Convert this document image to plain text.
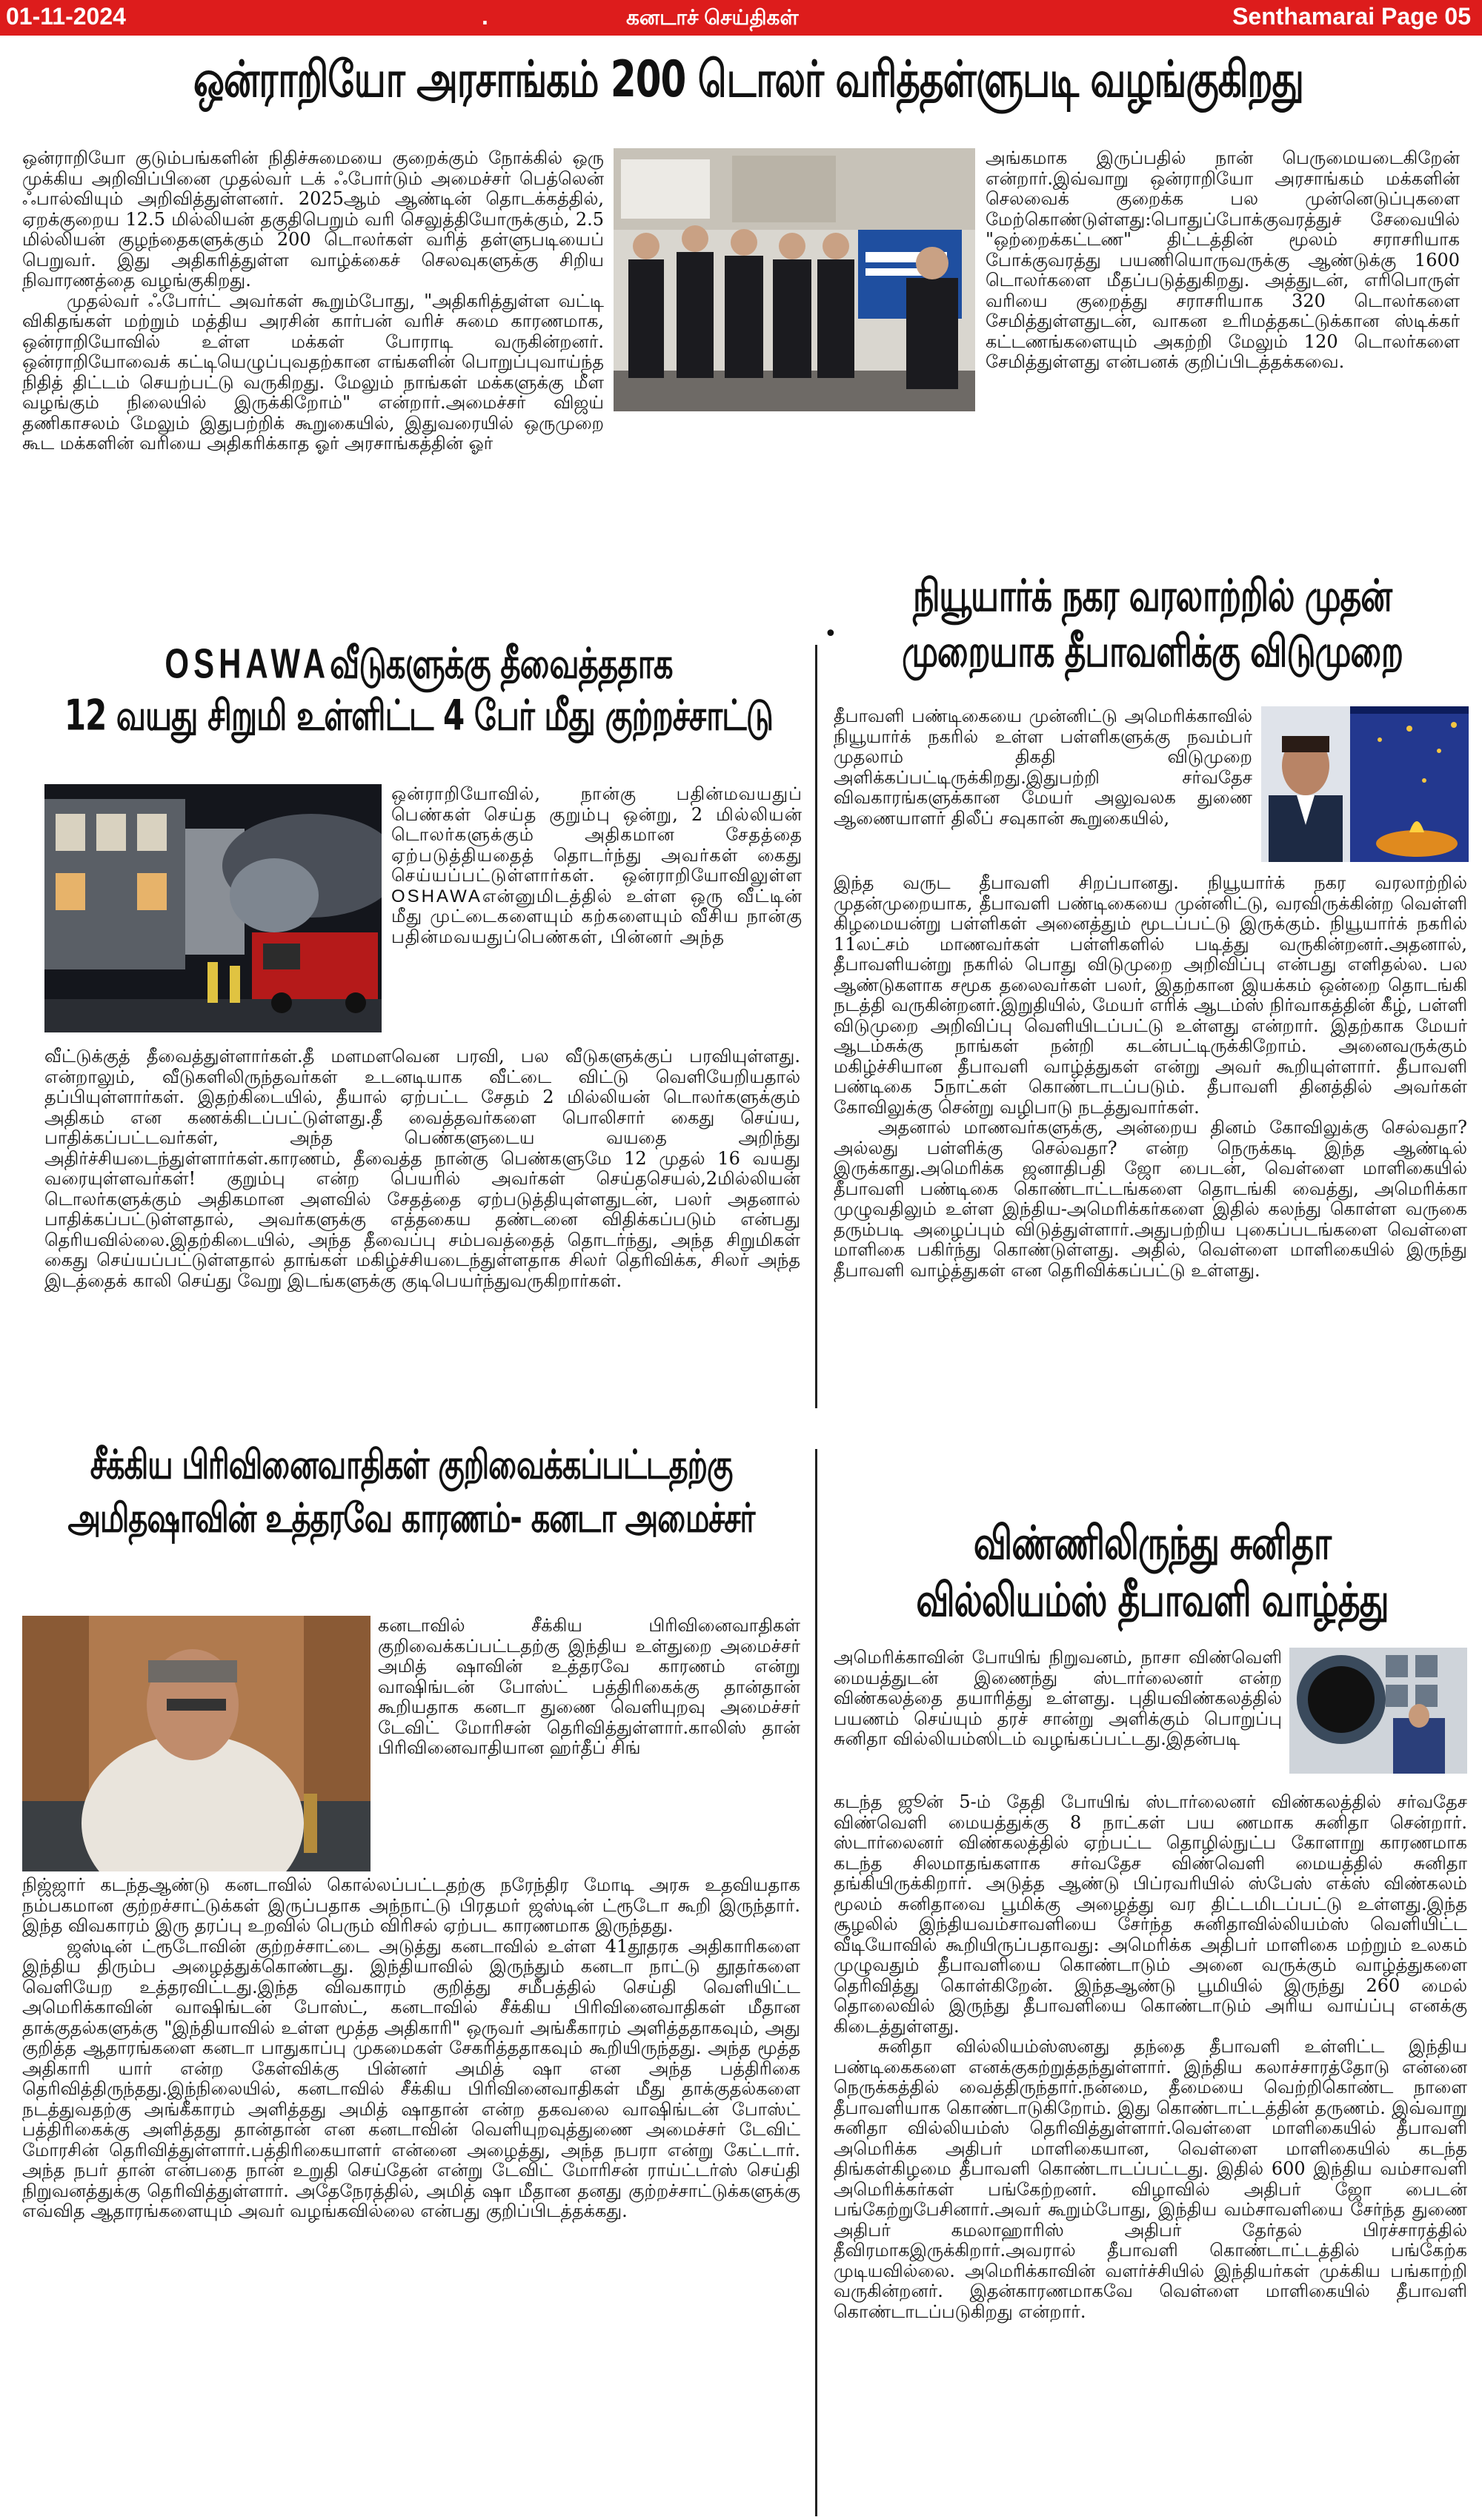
01-11-2024	.	கனடாச் செய்திகள்	Senthamarai Page 05
ஒன்ராறியோ அரசாங்கம் 200 டொலர் வரித்தள்ளுபடி வழங்குகிறது

ஒன்ராறியோ குடும்பங்களின் நிதிச்சுமையை குறைக்கும் நோக்கில் ஒரு முக்கிய அறிவிப்பினை முதல்வர் டக் ஃபோர்டும் அமைச்சர் பெத்லென் ஃபால்வியும் அறிவித்துள்ளனர். 2025ஆம் ஆண்டின் தொடக்கத்தில், ஏறக்குறைய 12.5 மில்லியன் தகுதிபெறும் வரி செலுத்தியோருக்கும், 2.5 மில்லியன் குழந்தைகளுக்கும் 200 டொலர்கள் வரித் தள்ளுபடியைப் பெறுவர். இது அதிகரித்துள்ள வாழ்க்கைச் செலவுகளுக்கு சிறிய நிவாரணத்தை வழங்குகிறது.

முதல்வர் ஃபோர்ட் அவர்கள் கூறும்போது, "அதிகரித்துள்ள வட்டி விகிதங்கள் மற்றும் மத்திய அரசின் கார்பன் வரிச் சுமை காரணமாக, ஒன்ராறியோவில் உள்ள மக்கள் போராடி வருகின்றனர். ஒன்ராறியோவைக் கட்டியெழுப்புவதற்கான எங்களின் பொறுப்புவாய்ந்த நிதித் திட்டம் செயற்பட்டு வருகிறது. மேலும் நாங்கள் மக்களுக்கு மீள வழங்கும் நிலையில் இருக்கிறோம்" என்றார்.அமைச்சர் விஜய் தணிகாசலம் மேலும் இதுபற்றிக் கூறுகையில், இதுவரையில் ஒருமுறை கூட மக்களின் வரியை அதிகரிக்காத ஓர் அரசாங்கத்தின் ஓர்

அங்கமாக இருப்பதில் நான் பெருமையடைகிறேன் என்றார்.இவ்வாறு ஒன்ராறியோ அரசாங்கம் மக்களின் செலவைக் குறைக்க பல முன்னெடுப்புகளை மேற்கொண்டுள்ளது:பொதுப்போக்குவரத்துச் சேவையில் "ஒற்றைக்கட்டண" திட்டத்தின் மூலம் சராசரியாக போக்குவரத்து பயணியொருவருக்கு ஆண்டுக்கு 1600 டொலர்களை மீதப்படுத்துகிறது. அத்துடன், எரிபொருள் வரியை குறைத்து சராசரியாக 320 டொலர்களை சேமித்துள்ளதுடன், வாகன உரிமத்தகட்டுக்கான ஸ்டிக்கர் கட்டணங்களையும் அகற்றி மேலும் 120 டொலர்களை சேமித்துள்ளது என்பனக் குறிப்பிடத்தக்கவை.

OSHAWAவீடுகளுக்கு தீவைத்ததாக
12 வயது சிறுமி உள்ளிட்ட 4 பேர் மீது குற்றச்சாட்டு

ஒன்ராறியோவில், நான்கு பதின்மவயதுப் பெண்கள் செய்த குறும்பு ஒன்று, 2 மில்லியன் டொலர்களுக்கும் அதிகமான சேதத்தை ஏற்படுத்தியதைத் தொடர்ந்து அவர்கள் கைது செய்யப்பட்டுள்ளார்கள். ஒன்ராறியோவிலுள்ள OSHAWAஎன்னுமிடத்தில் உள்ள ஒரு வீட்டின் மீது முட்டைகளையும் கற்களையும் வீசிய நான்கு பதின்மவயதுப்பெண்கள், பின்னர் அந்த

வீட்டுக்குத் தீவைத்துள்ளார்கள்.தீ மளமளவென பரவி, பல வீடுகளுக்குப் பரவியுள்ளது. என்றாலும், வீடுகளிலிருந்தவர்கள் உடனடியாக வீட்டை விட்டு வெளியேறியதால் தப்பியுள்ளார்கள். இதற்கிடையில், தீயால் ஏற்பட்ட சேதம் 2 மில்லியன் டொலர்களுக்கும் அதிகம் என கணக்கிடப்பட்டுள்ளது.தீ வைத்தவர்களை பொலிசார் கைது செய்ய, பாதிக்கப்பட்டவர்கள், அந்த பெண்களுடைய வயதை அறிந்து அதிர்ச்சியடைந்துள்ளார்கள்.காரணம், தீவைத்த நான்கு பெண்களுமே 12 முதல் 16 வயது வரையுள்ளவர்கள்! குறும்பு என்ற பெயரில் அவர்கள் செய்தசெயல்,2மில்லியன் டொலர்களுக்கும் அதிகமான அளவில் சேதத்தை ஏற்படுத்தியுள்ளதுடன், பலர் அதனால் பாதிக்கப்பட்டுள்ளதால், அவர்களுக்கு எத்தகைய தண்டனை விதிக்கப்படும் என்பது தெரியவில்லை.இதற்கிடையில், அந்த தீவைப்பு சம்பவத்தைத் தொடர்ந்து, அந்த சிறுமிகள் கைது செய்யப்பட்டுள்ளதால் தாங்கள் மகிழ்ச்சியடைந்துள்ளதாக சிலர் தெரிவிக்க, சிலர் அந்த இடத்தைக் காலி செய்து வேறு இடங்களுக்கு குடிபெயர்ந்துவருகிறார்கள்.

நியூயார்க் நகர வரலாற்றில் முதன்
முறையாக தீபாவளிக்கு விடுமுறை
•

தீபாவளி பண்டிகையை முன்னிட்டு அமெரிக்காவில் நியூயார்க் நகரில் உள்ள பள்ளிகளுக்கு நவம்பர் முதலாம் திகதி விடுமுறை அளிக்கப்பட்டிருக்கிறது.இதுபற்றி சர்வதேச விவகாரங்களுக்கான மேயர் அலுவலக துணை ஆணையாளர் திலீப் சவுகான் கூறுகையில்,

இந்த வருட தீபாவளி சிறப்பானது. நியூயார்க் நகர வரலாற்றில் முதன்முறையாக, தீபாவளி பண்டிகையை முன்னிட்டு, வரவிருக்கின்ற வெள்ளி கிழமையன்று பள்ளிகள் அனைத்தும் மூடப்பட்டு இருக்கும். நியூயார்க் நகரில் 11லட்சம் மாணவர்கள் பள்ளிகளில் படித்து வருகின்றனர்.அதனால், தீபாவளியன்று நகரில் பொது விடுமுறை அறிவிப்பு என்பது எளிதல்ல. பல ஆண்டுகளாக சமூக தலைவர்கள் பலர், இதற்கான இயக்கம் ஒன்றை தொடங்கி நடத்தி வருகின்றனர்.இறுதியில், மேயர் எரிக் ஆடம்ஸ் நிர்வாகத்தின் கீழ், பள்ளி விடுமுறை அறிவிப்பு வெளியிடப்பட்டு உள்ளது என்றார். இதற்காக மேயர் ஆடம்சுக்கு நாங்கள் நன்றி கடன்பட்டிருக்கிறோம். அனைவருக்கும் மகிழ்ச்சியான தீபாவளி வாழ்த்துகள் என்று அவர் கூறியுள்ளார். தீபாவளி பண்டிகை 5நாட்கள் கொண்டாடப்படும். தீபாவளி தினத்தில் அவர்கள் கோவிலுக்கு சென்று வழிபாடு நடத்துவார்கள்.

அதனால் மாணவர்களுக்கு, அன்றைய தினம் கோவிலுக்கு செல்வதா? அல்லது பள்ளிக்கு செல்வதா? என்ற நெருக்கடி இந்த ஆண்டில் இருக்காது.அமெரிக்க ஜனாதிபதி ஜோ பைடன், வெள்ளை மாளிகையில் தீபாவளி பண்டிகை கொண்டாட்டங்களை தொடங்கி வைத்து, அமெரிக்கா முழுவதிலும் உள்ள இந்திய-அமெரிக்கர்களை இதில் கலந்து கொள்ள வருகை தரும்படி அழைப்பும் விடுத்துள்ளார்.அதுபற்றிய புகைப்படங்களை வெள்ளை மாளிகை பகிர்ந்து கொண்டுள்ளது. அதில், வெள்ளை மாளிகையில் இருந்து தீபாவளி வாழ்த்துகள் என தெரிவிக்கப்பட்டு உள்ளது.

சீக்கிய பிரிவினைவாதிகள் குறிவைக்கப்பட்டதற்கு
அமிதஷாவின் உத்தரவே காரணம்- கனடா அமைச்சர்

கனடாவில் சீக்கிய பிரிவினைவாதிகள் குறிவைக்கப்பட்டதற்கு இந்திய உள்துறை அமைச்சர் அமித் ஷாவின் உத்தரவே காரணம் என்று வாஷிங்டன் போஸ்ட் பத்திரிகைக்கு தான்தான் கூறியதாக கனடா துணை வெளியுறவு அமைச்சர் டேவிட் மோரிசன் தெரிவித்துள்ளார்.காலிஸ் தான் பிரிவினைவாதியான ஹர்தீப் சிங்

நிஜ்ஜார் கடந்தஆண்டு கனடாவில் கொல்லப்பட்டதற்கு நரேந்திர மோடி அரசு உதவியதாக நம்பகமான குற்றச்சாட்டுக்கள் இருப்பதாக அந்நாட்டு பிரதமர் ஜஸ்டின் ட்ரூடோ கூறி இருந்தார். இந்த விவகாரம் இரு தரப்பு உறவில் பெரும் விரிசல் ஏற்பட காரணமாக இருந்தது.

ஜஸ்டின் ட்ரூடோவின் குற்றச்சாட்டை அடுத்து கனடாவில் உள்ள 41தூதரக அதிகாரிகளை இந்திய திரும்ப அழைத்துக்கொண்டது. இந்தியாவில் இருந்தும் கனடா நாட்டு தூதர்களை வெளியேற உத்தரவிட்டது.இந்த விவகாரம் குறித்து சமீபத்தில் செய்தி வெளியிட்ட அமெரிக்காவின் வாஷிங்டன் போஸ்ட், கனடாவில் சீக்கிய பிரிவினைவாதிகள் மீதான தாக்குதல்களுக்கு "இந்தியாவில் உள்ள மூத்த அதிகாரி" ஒருவர் அங்கீகாரம் அளித்ததாகவும், அது குறித்த ஆதாரங்களை கனடா பாதுகாப்பு முகமைகள் சேகரித்ததாகவும் கூறியிருந்தது. அந்த மூத்த அதிகாரி யார் என்ற கேள்விக்கு பின்னர் அமித் ஷா என அந்த பத்திரிகை தெரிவித்திருந்தது.இந்நிலையில், கனடாவில் சீக்கிய பிரிவினைவாதிகள் மீது தாக்குதல்களை நடத்துவதற்கு அங்கீகாரம் அளித்தது அமித் ஷாதான் என்ற தகவலை வாஷிங்டன் போஸ்ட் பத்திரிகைக்கு அளித்தது தான்தான் என கனடாவின் வெளியுறவுத்துணை அமைச்சர் டேவிட் மோரசின் தெரிவித்துள்ளார்.பத்திரிகையாளர் என்னை அழைத்து, அந்த நபரா என்று கேட்டார். அந்த நபர் தான் என்பதை நான் உறுதி செய்தேன் என்று டேவிட் மோரிசன் ராய்ட்டர்ஸ் செய்தி நிறுவனத்துக்கு தெரிவித்துள்ளார். அதேநேரத்தில், அமித் ஷா மீதான தனது குற்றச்சாட்டுக்களுக்கு எவ்வித ஆதாரங்களையும் அவர் வழங்கவில்லை என்பது குறிப்பிடத்தக்கது.

விண்ணிலிருந்து சுனிதா
வில்லியம்ஸ் தீபாவளி வாழ்த்து

அமெரிக்காவின் போயிங் நிறுவனம், நாசா விண்வெளி மையத்துடன் இணைந்து ஸ்டார்லைனர் என்ற விண்கலத்தை தயாரித்து உள்ளது. புதியவிண்கலத்தில் பயணம் செய்யும் தரச் சான்று அளிக்கும் பொறுப்பு சுனிதா வில்லியம்ஸிடம் வழங்கப்பட்டது.இதன்படி

கடந்த ஜூன் 5-ம் தேதி போயிங் ஸ்டார்லைனர் விண்கலத்தில் சர்வதேச விண்வெளி மையத்துக்கு 8 நாட்கள் பய ணமாக சுனிதா சென்றார். ஸ்டார்லைனர் விண்கலத்தில் ஏற்பட்ட தொழில்நுட்ப கோளாறு காரணமாக கடந்த சிலமாதங்களாக சர்வதேச விண்வெளி மையத்தில் சுனிதா தங்கியிருக்கிறார். அடுத்த ஆண்டு பிப்ரவரியில் ஸ்பேஸ் எக்ஸ் விண்கலம் மூலம் சுனிதாவை பூமிக்கு அழைத்து வர திட்டமிடப்பட்டு உள்ளது.இந்த சூழலில் இந்தியவம்சாவளியை சேர்ந்த சுனிதாவில்லியம்ஸ் வெளியிட்ட வீடியோவில் கூறியிருப்பதாவது: அமெரிக்க அதிபர் மாளிகை மற்றும் உலகம் முழுவதும் தீபாவளியை கொண்டாடும் அனை வருக்கும் வாழ்த்துகளை தெரிவித்து கொள்கிறேன். இந்தஆண்டு பூமியில் இருந்து 260 மைல் தொலைவில் இருந்து தீபாவளியை கொண்டாடும் அரிய வாய்ப்பு எனக்கு கிடைத்துள்ளது.

சுனிதா வில்லியம்ஸ்ஸனது தந்தை தீபாவளி உள்ளிட்ட இந்திய பண்டிகைகளை எனக்குகற்றுத்தந்துள்ளார். இந்திய கலாச்சாரத்தோடு என்னை நெருக்கத்தில் வைத்திருந்தார்.நன்மை, தீமையை வெற்றிகொண்ட நாளை தீபாவளியாக கொண்டாடுகிறோம். இது கொண்டாட்டத்தின் தருணம். இவ்வாறு சுனிதா வில்லியம்ஸ் தெரிவித்துள்ளார்.வெள்ளை மாளிகையில் தீபாவளி அமெரிக்க அதிபர் மாளிகையான, வெள்ளை மாளிகையில் கடந்த திங்கள்கிழமை தீபாவளி கொண்டாடப்பட்டது. இதில் 600 இந்திய வம்சாவளி அமெரிக்கர்கள் பங்கேற்றனர். விழாவில் அதிபர் ஜோ பைடன் பங்கேற்றுபேசினார்.அவர் கூறும்போது, இந்திய வம்சாவளியை சேர்ந்த துணை அதிபர் கமலாஹாரிஸ் அதிபர் தேர்தல் பிரச்சாரத்தில் தீவிரமாகஇருக்கிறார்.அவரால் தீபாவளி கொண்டாட்டத்தில் பங்கேற்க முடியவில்லை. அமெரிக்காவின் வளர்ச்சியில் இந்தியர்கள் முக்கிய பங்காற்றி வருகின்றனர். இதன்காரணமாகவே வெள்ளை மாளிகையில் தீபாவளி கொண்டாடப்படுகிறது என்றார்.
